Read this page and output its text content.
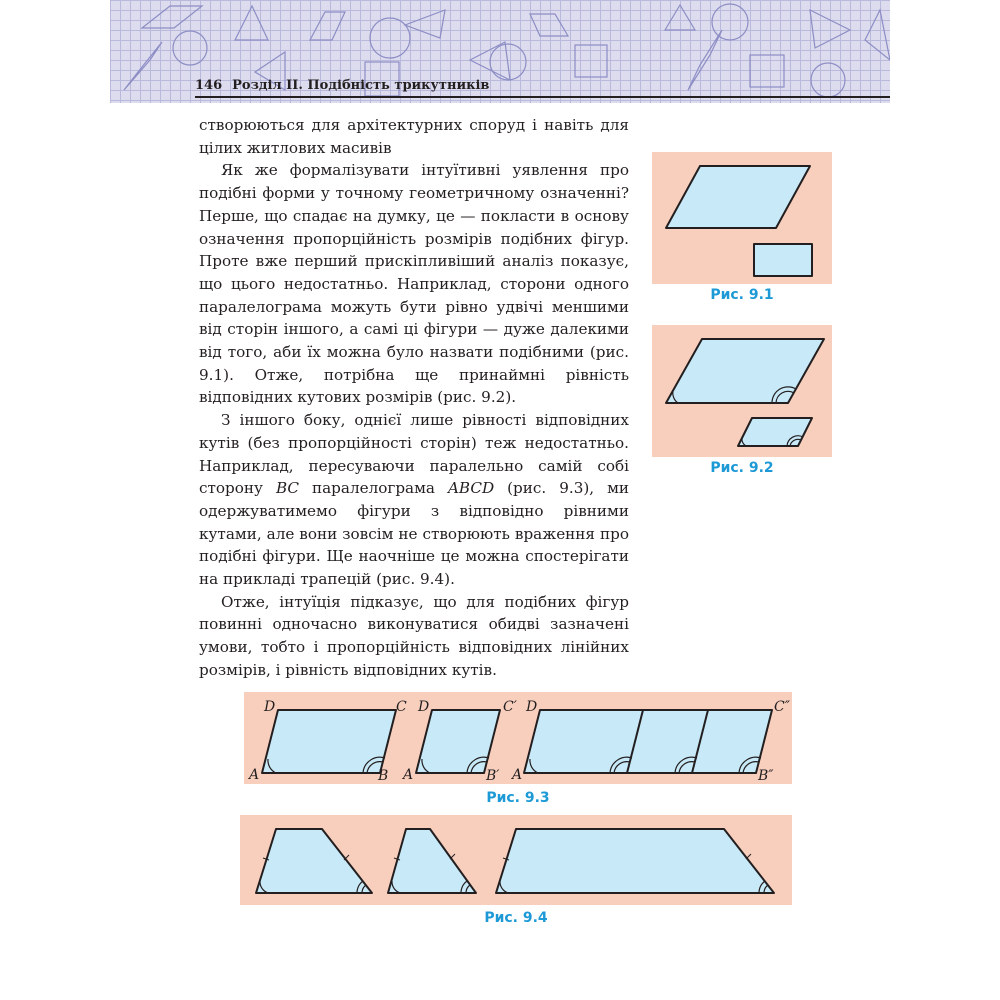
146 Розділ ІІ. Подібність трикутників

створюються для архітектурних споруд і навіть для

цілих житлових масивів

Як же формалізувати інтуїтивні уявлення про подібні форми у точному геометричному означенні? Перше, що спадає на думку, це — покласти в основу означення пропорційність розмірів подібних фігур. Проте вже перший прискіпливіший аналіз показує, що цього недостатньо. Наприклад, сторони одного паралелограма можуть бути рівно удвічі меншими від сторін іншого, а самі ці фігури — дуже далекими від того, аби їх можна було назвати подібними (рис. 9.1). Отже, потрібна ще принаймні рівність відповідних кутових розмірів (рис. 9.2).

З іншого боку, однієї лише рівності відповідних кутів (без пропорційності сторін) теж недостатньо. Наприклад, пересуваючи паралельно самій собі сторону BC паралелограма ABCD (рис. 9.3), ми одержуватимемо фігури з відповідно рівними кутами, але вони зовсім не створюють враження про подібні фігури. Ще наочніше це можна спостерігати на прикладі трапецій (рис. 9.4).

Отже, інтуїція підказує, що для подібних фігур повинні одночасно виконуватися обидві зазначені умови, тобто і пропорційність відповідних лінійних розмірів, і рівність відповідних кутів.

Рис. 9.1
Рис. 9.2
D	C
A	B
D	C′
A	B′
D	C″
A	B″
Рис. 9.3
Рис. 9.4
